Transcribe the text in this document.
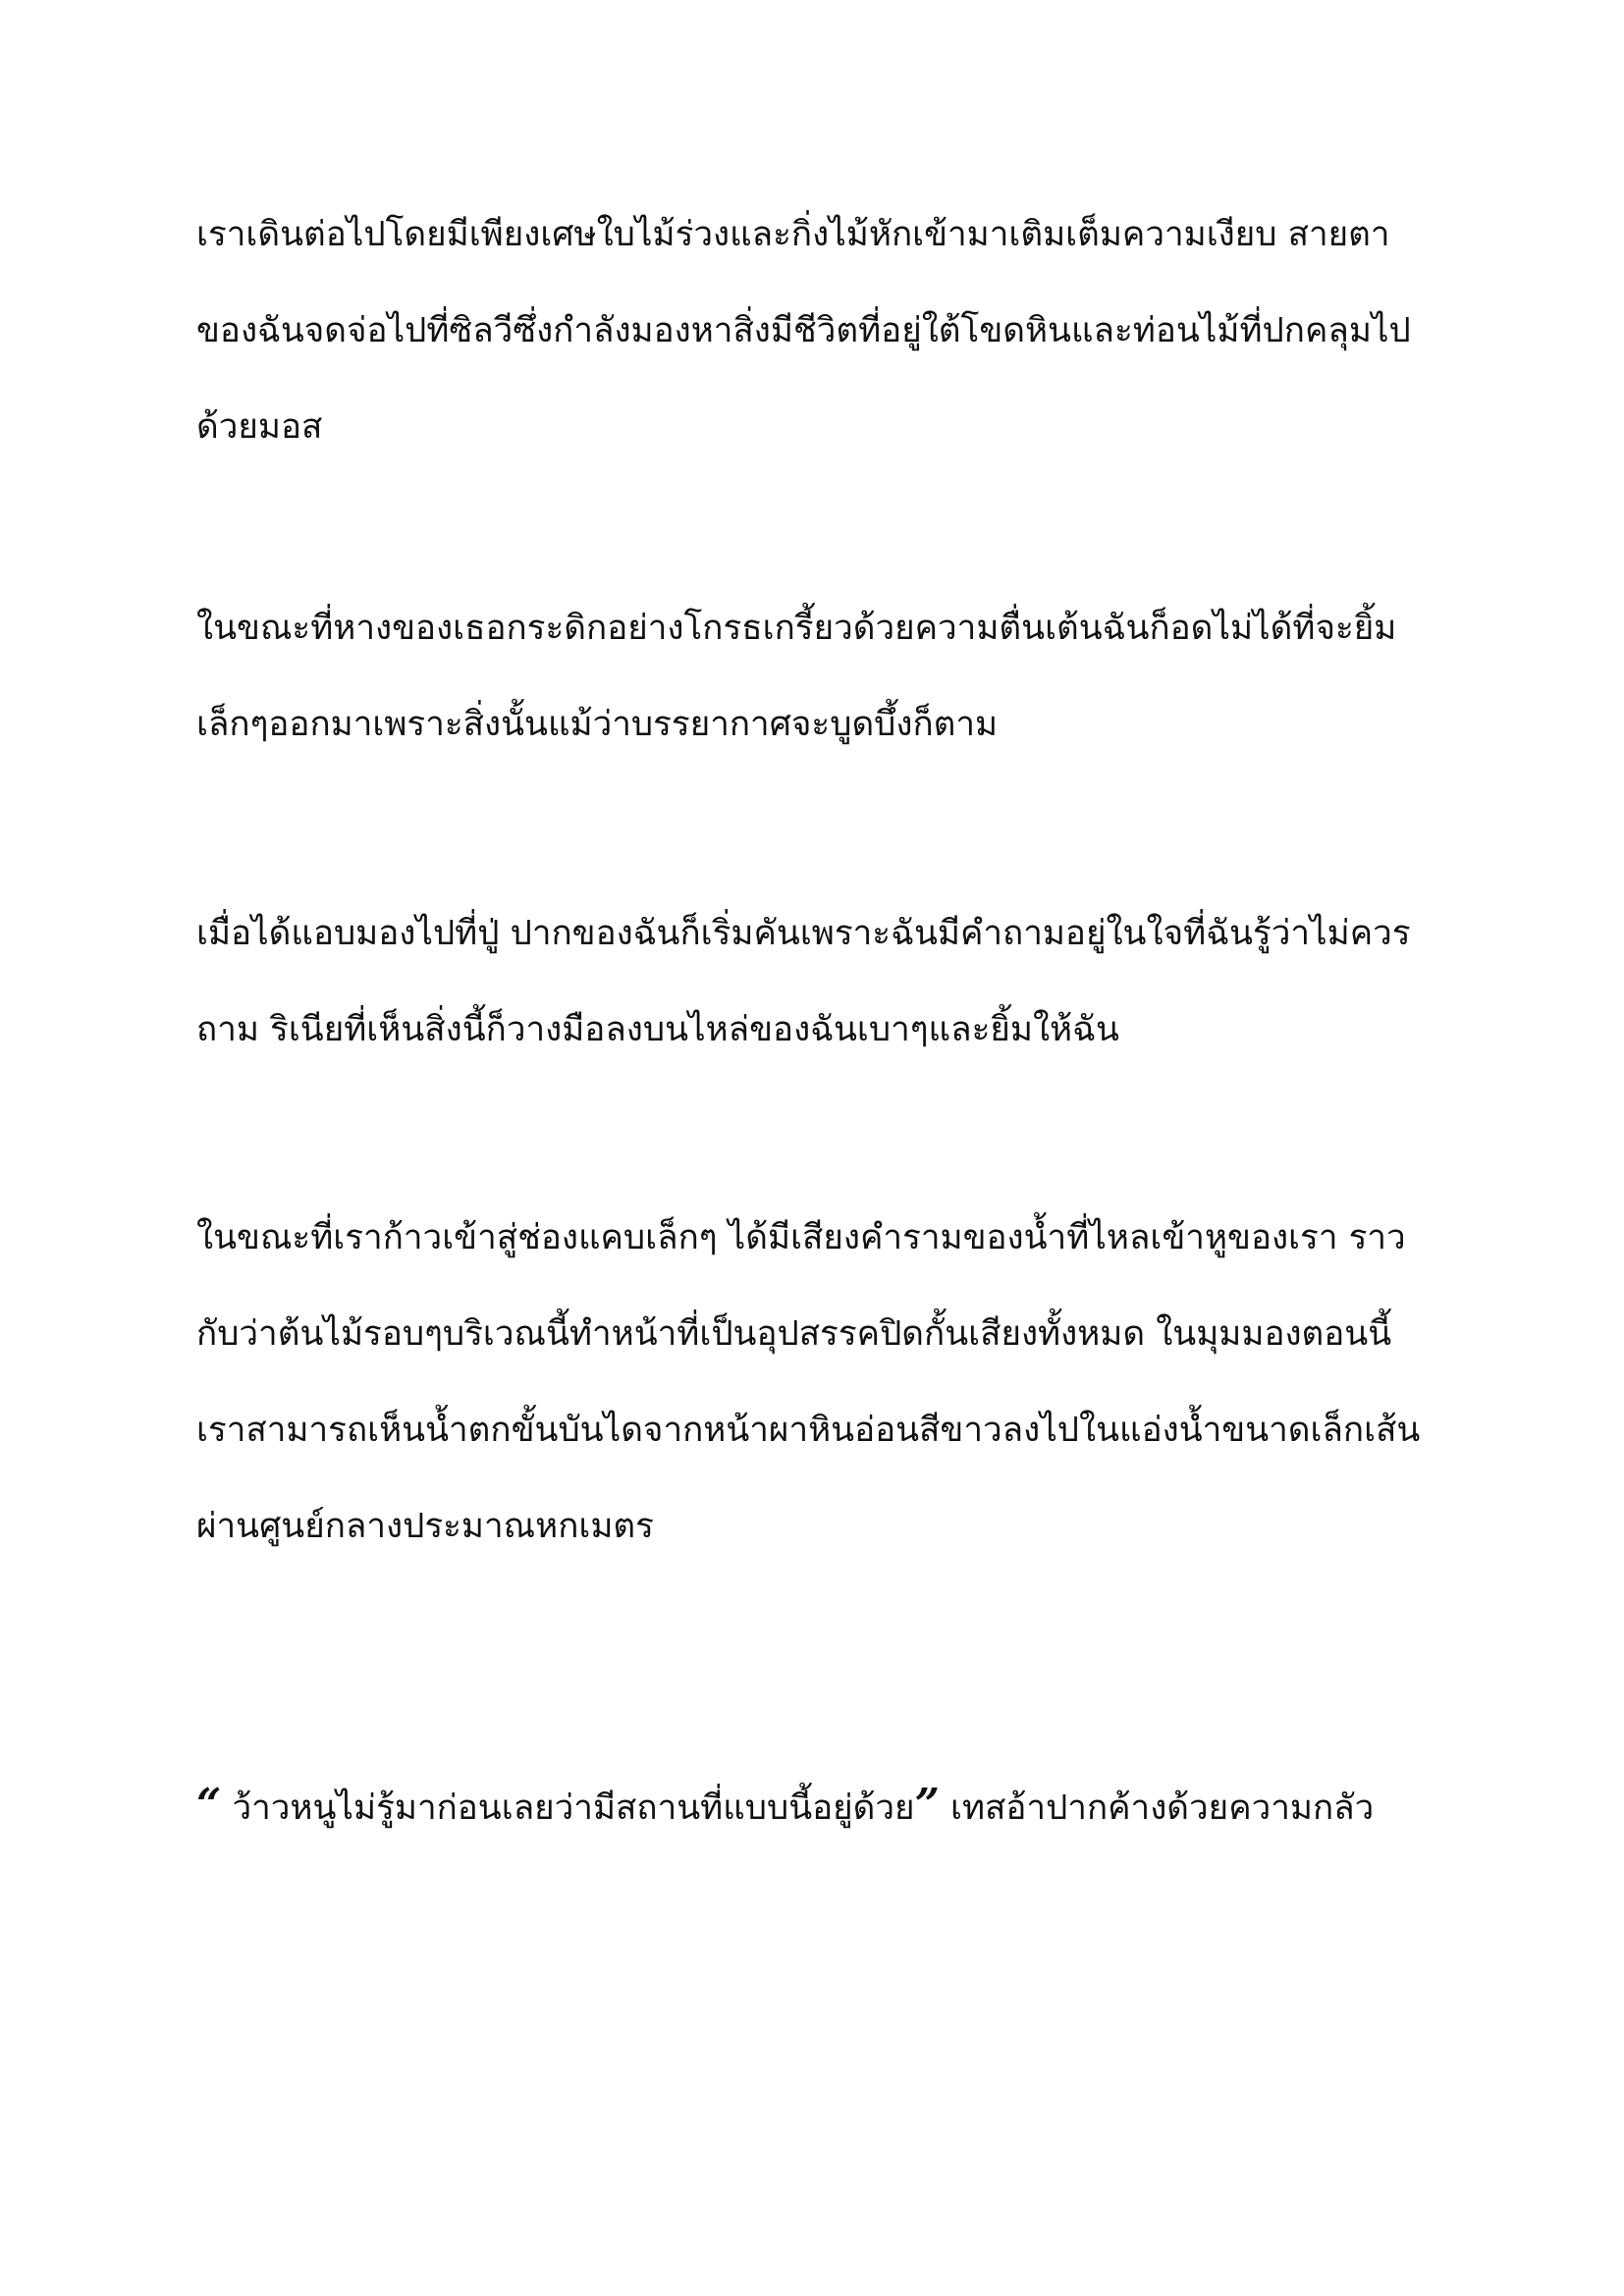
เราเดินต่อไปโดยมีเพียงเศษใบไม้ร่วงและกิ่งไม้หักเข้ามาเติมเต็มความเงียบ สายตา
ของฉันจดจ่อไปที่ซิลวีซึ่งกำลังมองหาสิ่งมีชีวิตที่อยู่ใต้โขดหินและท่อนไม้ที่ปกคลุมไป
ด้วยมอส

ในขณะที่หางของเธอกระดิกอย่างโกรธเกรี้ยวด้วยความตื่นเต้นฉันก็อดไม่ได้ที่จะยิ้ม
เล็กๆออกมาเพราะสิ่งนั้นแม้ว่าบรรยากาศจะบูดบึ้งก็ตาม

เมื่อได้แอบมองไปที่ปู่ ปากของฉันก็เริ่มคันเพราะฉันมีคำถามอยู่ในใจที่ฉันรู้ว่าไม่ควร
ถาม ริเนียที่เห็นสิ่งนี้ก็วางมือลงบนไหล่ของฉันเบาๆและยิ้มให้ฉัน

ในขณะที่เราก้าวเข้าสู่ช่องแคบเล็กๆ ได้มีเสียงคำรามของน้ำที่ไหลเข้าหูของเรา ราว
กับว่าต้นไม้รอบๆบริเวณนี้ทำหน้าที่เป็นอุปสรรคปิดกั้นเสียงทั้งหมด ในมุมมองตอนนี้
เราสามารถเห็นน้ำตกขั้นบันไดจากหน้าผาหินอ่อนสีขาวลงไปในแอ่งน้ำขนาดเล็กเส้น
ผ่านศูนย์กลางประมาณหกเมตร

“ ว้าวหนูไม่รู้มาก่อนเลยว่ามีสถานที่แบบนี้อยู่ด้วย” เทสอ้าปากค้างด้วยความกลัว
